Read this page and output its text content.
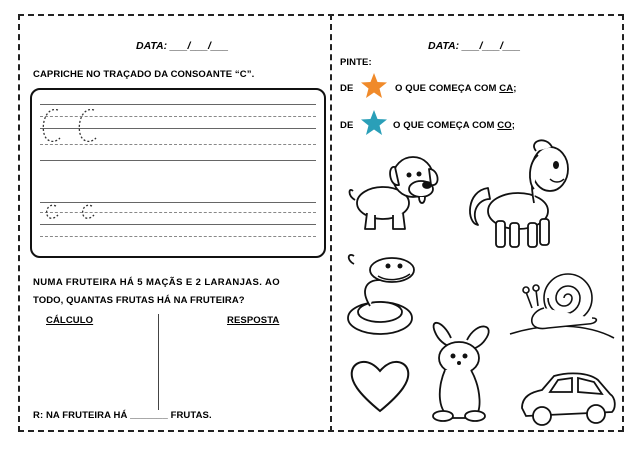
DATA: ___/___/___
CAPRICHE NO TRAÇADO DA CONSOANTE “C”.
NUMA FRUTEIRA HÁ 5 MAÇÃS E 2 LARANJAS. AO
TODO, QUANTAS FRUTAS HÁ NA FRUTEIRA?
CÁLCULO	RESPOSTA
R: NA FRUTEIRA HÁ _______ FRUTAS.
DATA: ___/___/___
PINTE:
DE	O QUE COMEÇA COM CA;
DE	O QUE COMEÇA COM CO;
